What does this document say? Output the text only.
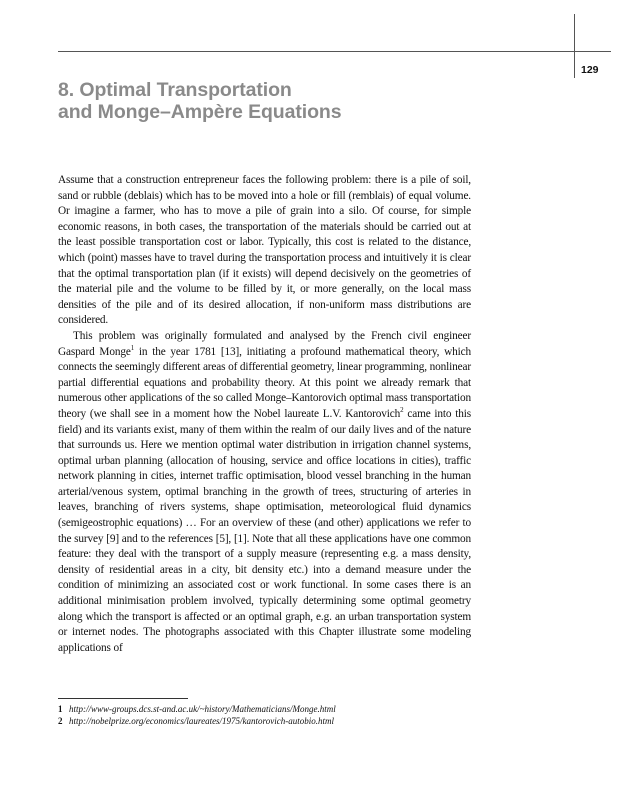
129
8. Optimal Transportation
and Monge–Ampère Equations

Assume that a construction entrepreneur faces the following problem: there is a pile of soil, sand or rubble (deblais) which has to be moved into a hole or fill (remblais) of equal volume. Or imagine a farmer, who has to move a pile of grain into a silo. Of course, for simple economic reasons, in both cases, the transportation of the materials should be carried out at the least possible transportation cost or labor. Typically, this cost is related to the distance, which (point) masses have to travel during the transportation process and intuitively it is clear that the optimal transportation plan (if it exists) will depend decisively on the geometries of the material pile and the volume to be filled by it, or more generally, on the local mass densities of the pile and of its desired allocation, if non-uniform mass distributions are considered.

This problem was originally formulated and analysed by the French civil engineer Gaspard Monge$^1$ in the year 1781 [13], initiating a profound mathematical theory, which connects the seemingly different areas of differential geometry, linear programming, nonlinear partial differential equations and probability theory. At this point we already remark that numerous other applications of the so called Monge–Kantorovich optimal mass transportation theory (we shall see in a moment how the Nobel laureate L.V. Kantorovich$^2$ came into this field) and its variants exist, many of them within the realm of our daily lives and of the nature that surrounds us. Here we mention optimal water distribution in irrigation channel systems, optimal urban planning (allocation of housing, service and office locations in cities), traffic network planning in cities, internet traffic optimisation, blood vessel branching in the human arterial/venous system, optimal branching in the growth of trees, structuring of arteries in leaves, branching of rivers systems, shape optimisation, meteorological fluid dynamics (semigeostrophic equations) … For an overview of these (and other) applications we refer to the survey [9] and to the references [5], [1]. Note that all these applications have one common feature: they deal with the transport of a supply measure (representing e.g. a mass density, density of residential areas in a city, bit density etc.) into a demand measure under the condition of minimizing an associated cost or work functional. In some cases there is an additional minimisation problem involved, typically determining some optimal geometry along which the transport is affected or an optimal graph, e.g. an urban transportation system or internet nodes. The photographs associated with this Chapter illustrate some modeling applications of

1 http://www-groups.dcs.st-and.ac.uk/~history/Mathematicians/Monge.html
2 http://nobelprize.org/economics/laureates/1975/kantorovich-autobio.html
